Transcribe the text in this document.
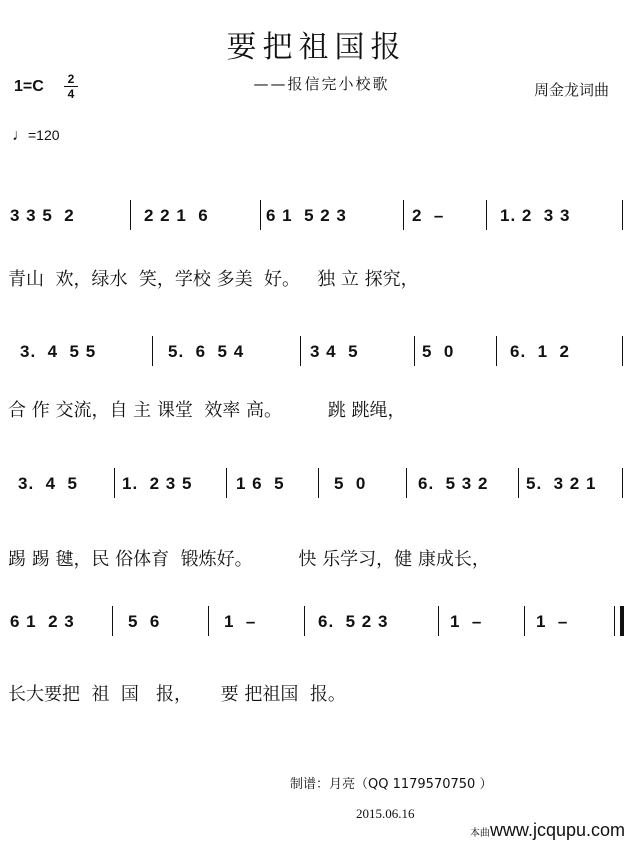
要把祖国报
——报信完小校歌
1=C	2
4	周金龙词曲
♩=120
3 3 5  2	2 2 1  6	6 1  5 2 3	2  –	1. 2  3 3
青山  欢，绿水  笑，学校 多美  好。   独 立 探究，
3.  4  5 5	5.  6  5 4	3 4  5	5  0	6.  1  2
合 作 交流，自 主 课堂  效率 高。        跳 跳绳，
3.  4  5	1.  2 3 5	1 6  5	5  0	6.  5 3 2 5.  3 2 1
踢 踢 毽，民 俗体育  锻炼好。        快 乐学习，健 康成长，
6 1  2 3	5  6	1  –	6.  5 2 3	1  –	1  –
长大要把  祖  国   报，     要 把祖国  报。
制谱：月亮（QQ 1179570750 ）
2015.06.16
本曲www.jcqupu.com
